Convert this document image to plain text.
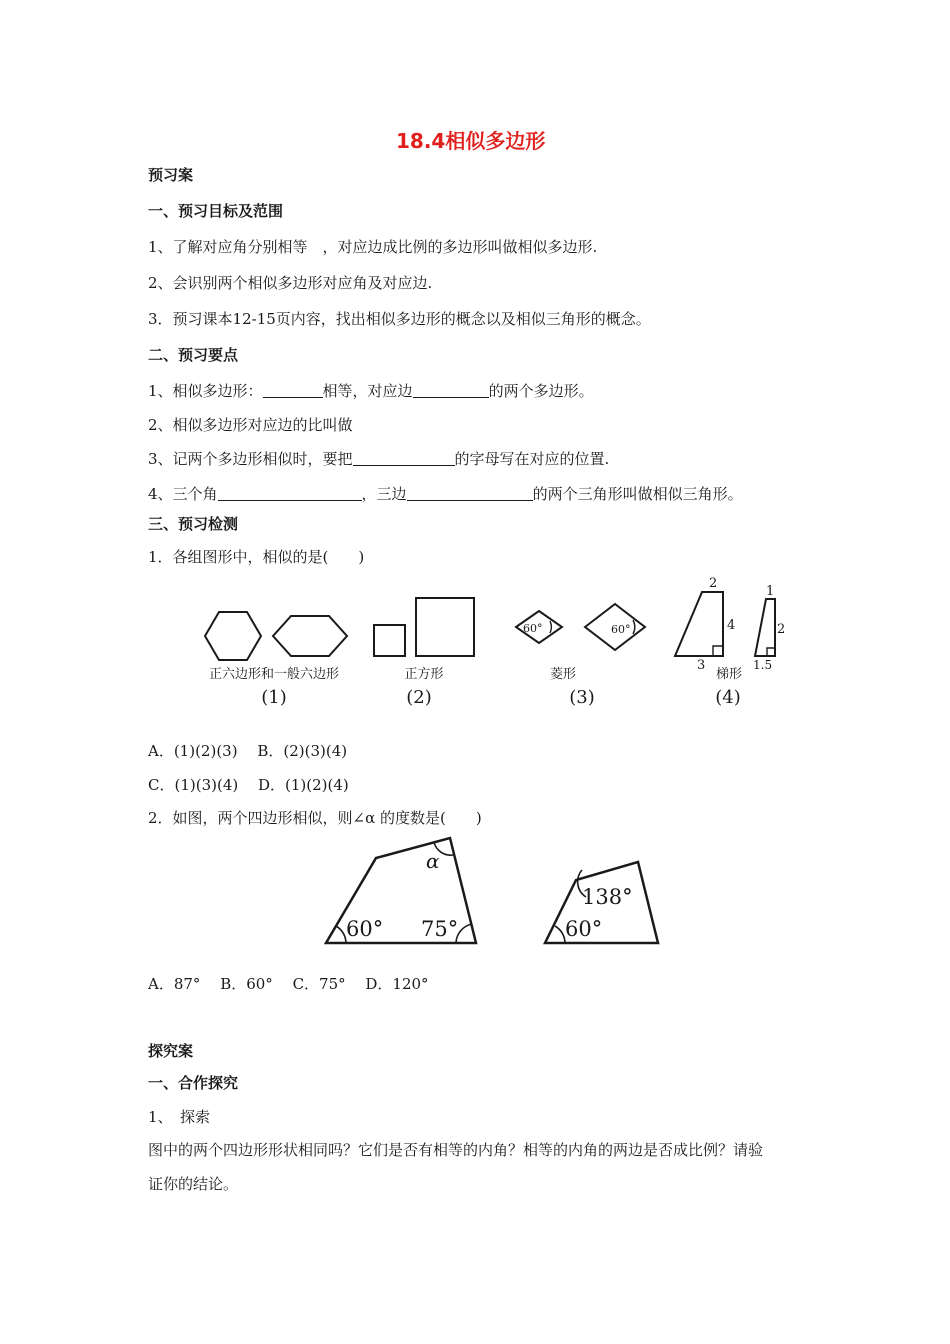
18.4相似多边形
预习案
一、预习目标及范围
1、了解对应角分别相等　，对应边成比例的多边形叫做相似多边形.
2、会识别两个相似多边形对应角及对应边.
3．预习课本12-15页内容，找出相似多边形的概念以及相似三角形的概念。
二、预习要点
1、相似多边形：	相等，对应边	的两个多边形。
2、相似多边形对应边的比叫做
3、记两个多边形相似时，要把	的字母写在对应的位置.
4、三个角	，三边	的两个三角形叫做相似三角形。
三、预习检测
1．各组图形中，相似的是(　　)
60°	60°
2
4
3
1
2
1.5
正六边形和一般六边形	正方形	菱形	梯形
(1)	(2)	(3)	(4)
A．(1)(2)(3)　 B．(2)(3)(4)
C．(1)(3)(4)　 D．(1)(2)(4)
2．如图，两个四边形相似，则∠α 的度数是(　　)
α
60° 75°
138°
60°
A．87°　 B．60°　 C．75°　 D．120°
探究案
一、合作探究
1、　探索
图中的两个四边形形状相同吗？它们是否有相等的内角？相等的内角的两边是否成比例？请验
证你的结论。
